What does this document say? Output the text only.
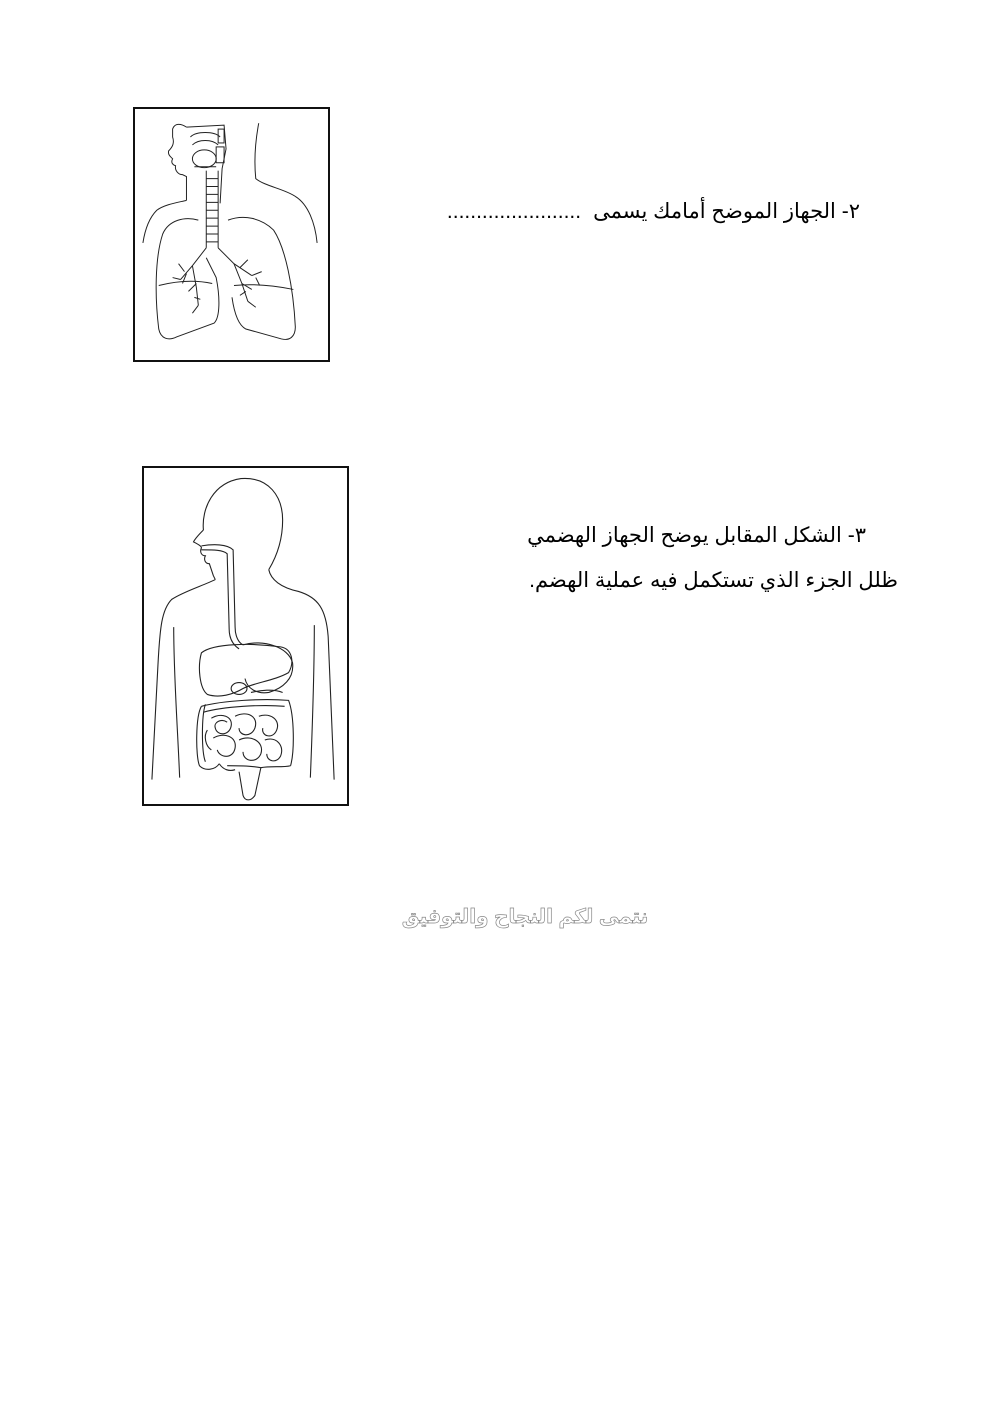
٢- الجهاز الموضح أمامك يسمى.......................
٣- الشكل المقابل يوضح الجهاز الهضمي
ظلل الجزء الذي تستكمل فيه عملية الهضم.
نتمى لكم النجاح والتوفيق
